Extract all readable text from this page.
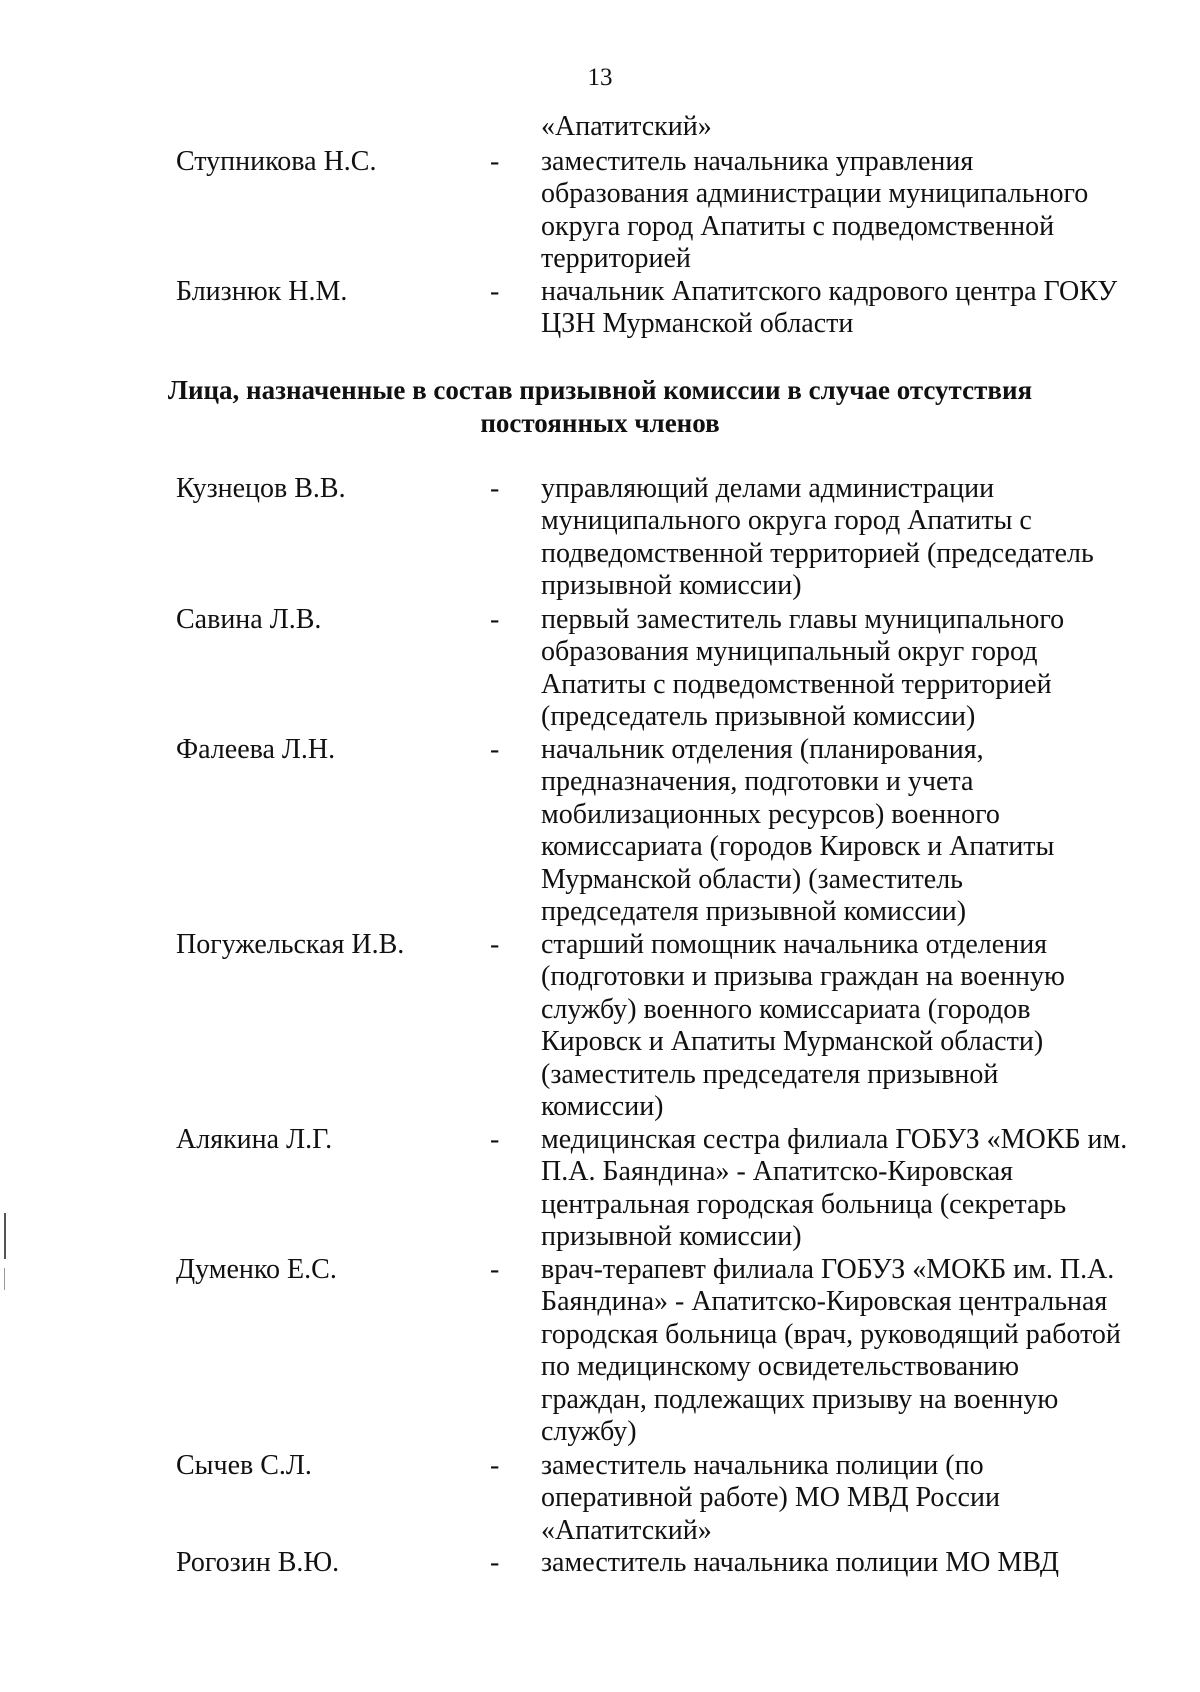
13
«Апатитский»
Ступникова Н.С.	- заместитель начальника управления
образования администрации муниципального
округа город Апатиты с подведомственной
территорией
Близнюк Н.М.	- начальник Апатитского кадрового центра ГОКУ
ЦЗН Мурманской области
Лица, назначенные в состав призывной комиссии в случае отсутствия
постоянных членов
Кузнецов В.В.	- управляющий делами администрации
муниципального округа город Апатиты с
подведомственной территорией (председатель
призывной комиссии)
Савина Л.В.	- первый заместитель главы муниципального
образования муниципальный округ город
Апатиты с подведомственной территорией
(председатель призывной комиссии)
Фалеева Л.Н.	- начальник отделения (планирования,
предназначения, подготовки и учета
мобилизационных ресурсов) военного
комиссариата (городов Кировск и Апатиты
Мурманской области) (заместитель
председателя призывной комиссии)
Погужельская И.В.	- старший помощник начальника отделения
(подготовки и призыва граждан на военную
службу) военного комиссариата (городов
Кировск и Апатиты Мурманской области)
(заместитель председателя призывной
комиссии)
Алякина Л.Г.	- медицинская сестра филиала ГОБУЗ «МОКБ им.
П.А. Баяндина» - Апатитско-Кировская
центральная городская больница (секретарь
призывной комиссии)
Думенко Е.С.	- врач-терапевт филиала ГОБУЗ «МОКБ им. П.А.
Баяндина» - Апатитско-Кировская центральная
городская больница (врач, руководящий работой
по медицинскому освидетельствованию
граждан, подлежащих призыву на военную
службу)
Сычев С.Л.	- заместитель начальника полиции (по
оперативной работе) МО МВД России
«Апатитский»
Рогозин В.Ю.	- заместитель начальника полиции МО МВД
